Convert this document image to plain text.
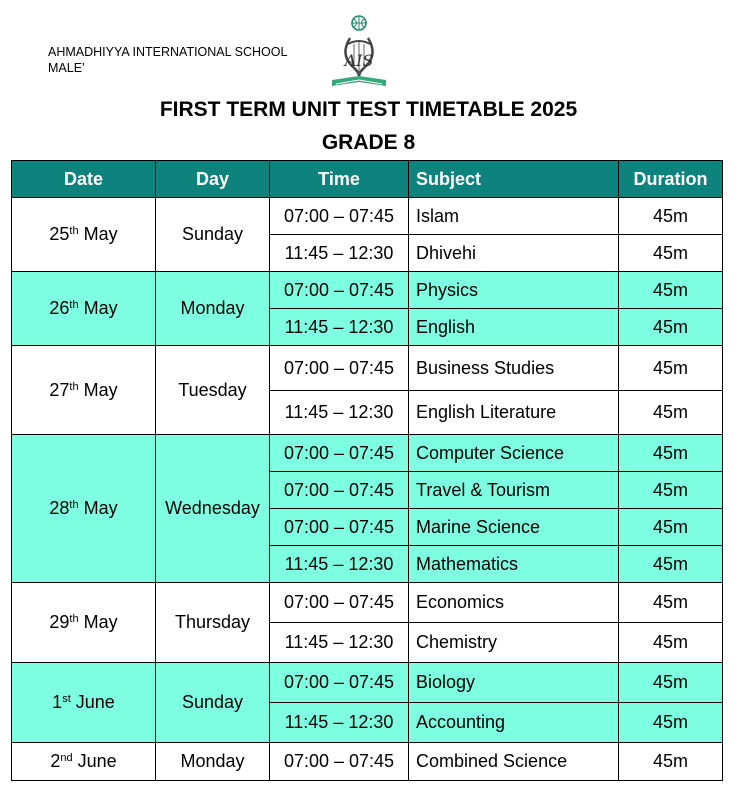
AHMADHIYYA INTERNATIONAL SCHOOL
MALE’	AIS
FIRST TERM UNIT TEST TIMETABLE 2025
GRADE 8
Date	Day	Time	Subject	Duration
25th May	Sunday	07:00 – 07:45	Islam	45m
		11:45 – 12:30	Dhivehi	45m
26th May	Monday	07:00 – 07:45	Physics	45m
		11:45 – 12:30	English	45m
27th May	Tuesday	07:00 – 07:45	Business Studies	45m
		11:45 – 12:30	English Literature	45m
28th May	Wednesday	07:00 – 07:45	Computer Science	45m
		07:00 – 07:45	Travel & Tourism	45m
		07:00 – 07:45	Marine Science	45m
		11:45 – 12:30	Mathematics	45m
29th May	Thursday	07:00 – 07:45	Economics	45m
		11:45 – 12:30	Chemistry	45m
1st June	Sunday	07:00 – 07:45	Biology	45m
		11:45 – 12:30	Accounting	45m
2nd June	Monday	07:00 – 07:45	Combined Science	45m
